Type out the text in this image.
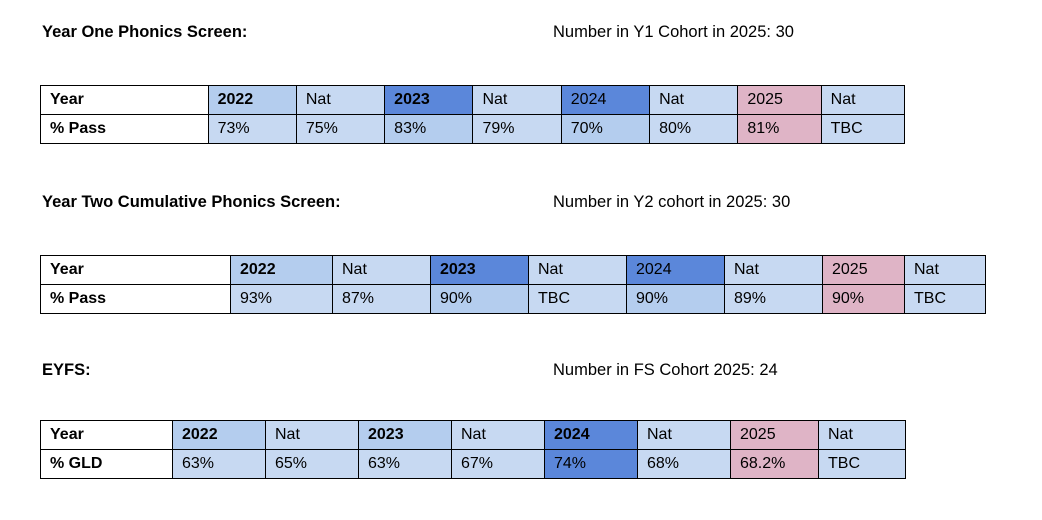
Year One Phonics Screen:	Number in Y1 Cohort in 2025: 30
Year	2022	Nat	2023	Nat	2024	Nat	2025	Nat
% Pass	73%	75%	83%	79%	70%	80%	81%	TBC
Year Two Cumulative Phonics Screen:	Number in Y2 cohort in 2025: 30
Year	2022	Nat	2023	Nat	2024	Nat	2025	Nat
% Pass	93%	87%	90%	TBC	90%	89%	90%	TBC
EYFS:	Number in FS Cohort 2025: 24
Year	2022	Nat	2023	Nat	2024	Nat	2025	Nat
% GLD	63%	65%	63%	67%	74%	68%	68.2%	TBC
